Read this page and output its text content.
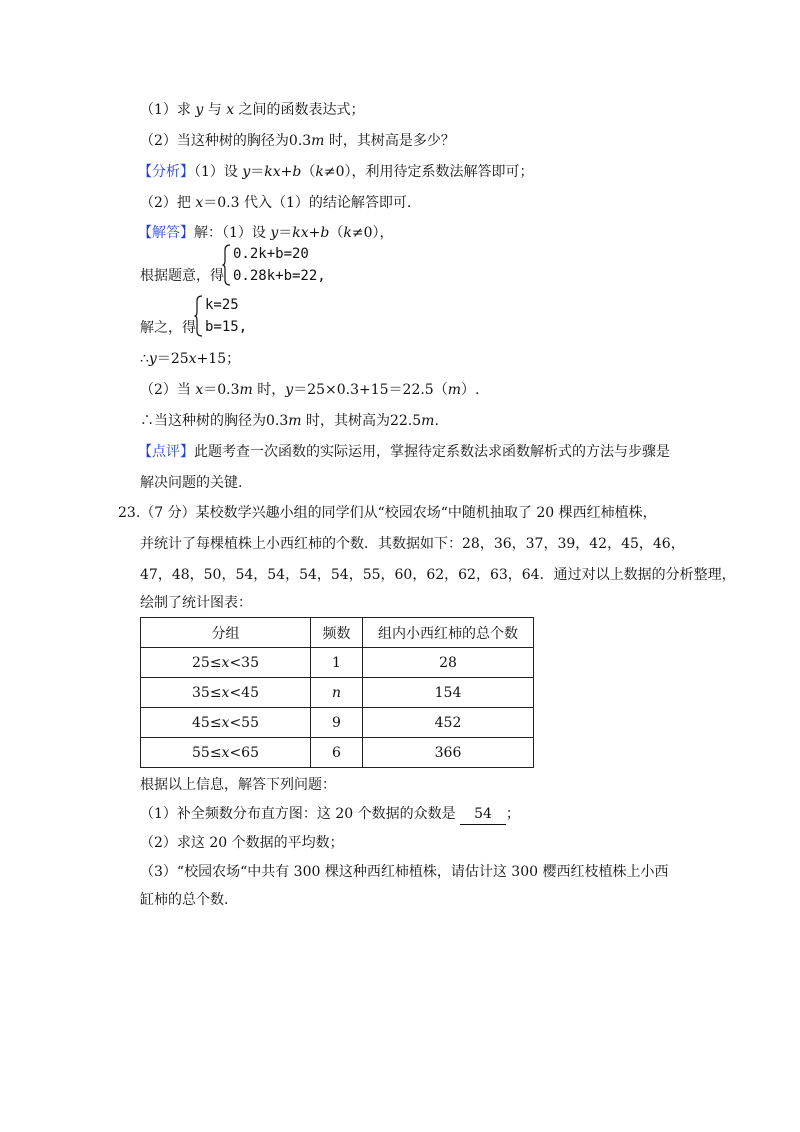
（1）求 y 与 x 之间的函数表达式；
（2）当这种树的胸径为0.3m 时，其树高是多少？
【分析】（1）设 y＝kx+b（k≠0），利用待定系数法解答即可；
（2）把 x＝0.3 代入（1）的结论解答即可.
【解答】解：（1）设 y＝kx+b（k≠0），
根据题意，得
0.2k+b=20
0.28k+b=22,
解之，得
k=25
b=15,
∴y＝25x+15；
（2）当 x＝0.3m 时，y＝25×0.3+15＝22.5（m）.
∴当这种树的胸径为0.3m 时，其树高为22.5m.
【点评】此题考查一次函数的实际运用，掌握待定系数法求函数解析式的方法与步骤是
解决问题的关键.
23.（7 分）某校数学兴趣小组的同学们从“校园农场“中随机抽取了 20 棵西红柿植株，
并统计了每棵植株上小西红柿的个数．其数据如下：28，36，37，39，42，45，46，
47，48，50，54，54，54，54，55，60，62，62，63，64．通过对以上数据的分析整理，
绘制了统计图表：
分组	频数	组内小西红柿的总个数
25≤x<35	1	28
35≤x<45	n	154
45≤x<55	9	452
55≤x<65	6	366
根据以上信息，解答下列问题：
（1）补全频数分布直方图：这 20 个数据的众数是 54 ；
（2）求这 20 个数据的平均数；
（3）“校园农场“中共有 300 棵这种西红柿植株，请估计这 300 樱西红枝植株上小西
缸柿的总个数.
